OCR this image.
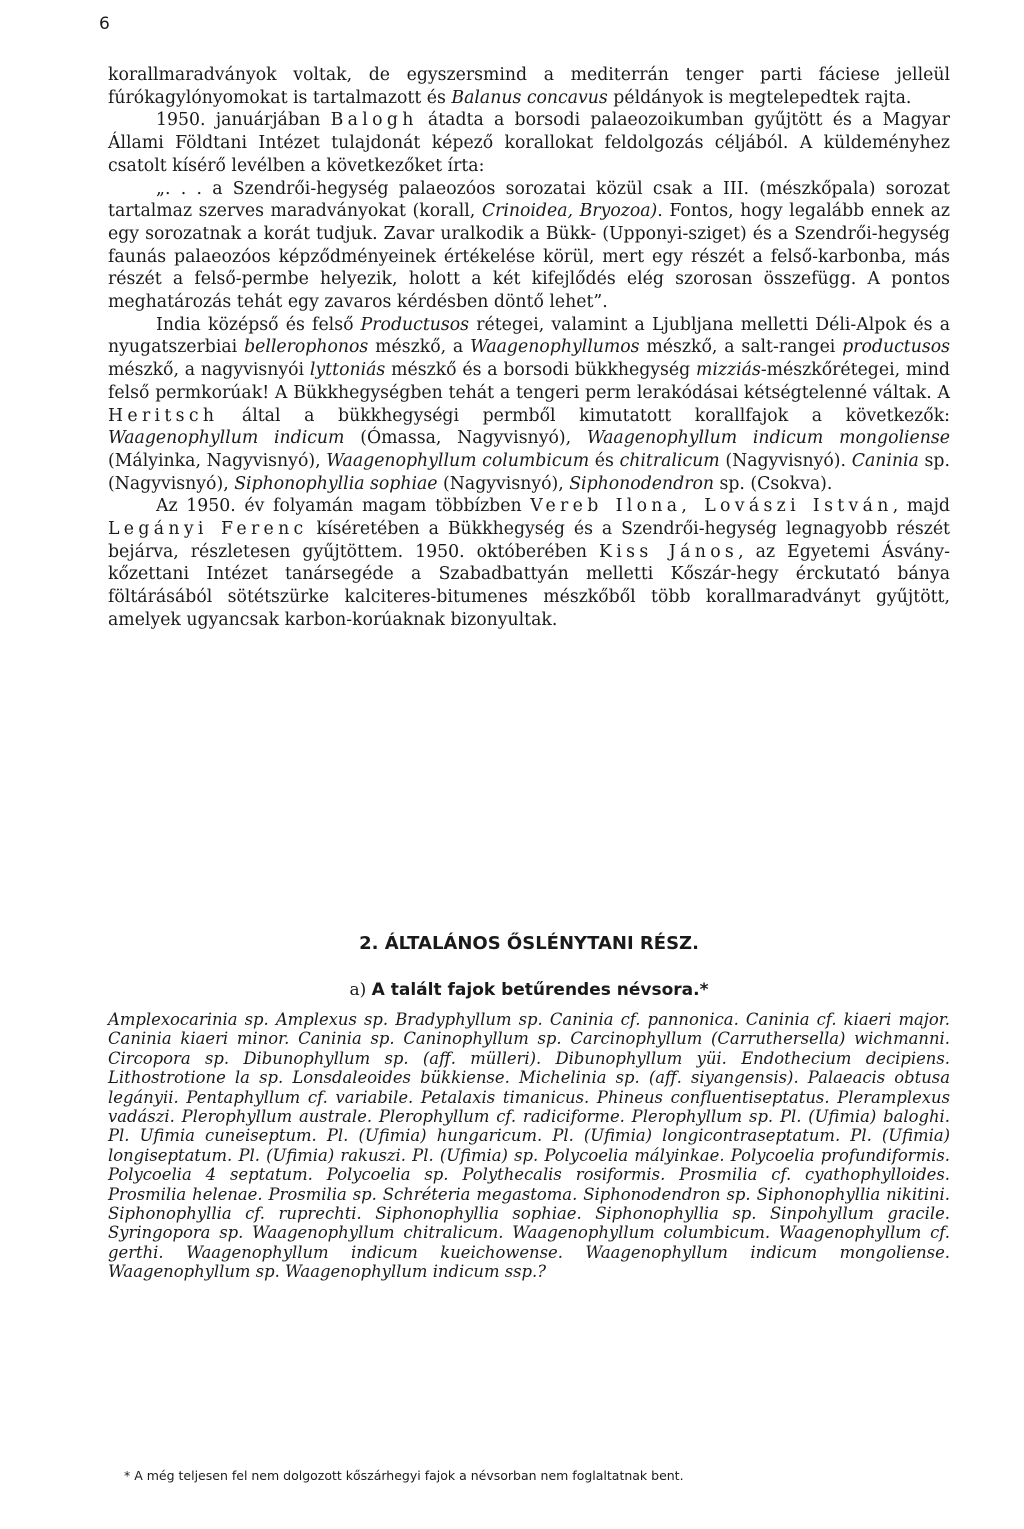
6

korallmaradványok voltak, de egyszersmind a mediterrán tenger parti fáciese jelleül fúrókagylónyomokat is tartalmazott és Balanus concavus példányok is megtelepedtek rajta.

1950. januárjában Balogh átadta a borsodi palaeozoikumban gyűjtött és a Magyar Állami Földtani Intézet tulajdonát képező korallokat feldolgozás céljából. A küldeményhez csatolt kísérő levélben a következőket írta:

„. . . a Szendrői-hegység palaeozóos sorozatai közül csak a III. (mészkőpala) sorozat tartalmaz szerves maradványokat (korall, Crinoidea, Bryozoa). Fontos, hogy legalább ennek az egy sorozatnak a korát tudjuk. Zavar uralkodik a Bükk- (Upponyi-sziget) és a Szendrői-hegység faunás palaeozóos képződményeinek értékelése körül, mert egy részét a felső-karbonba, más részét a felső-permbe helyezik, holott a két kifejlődés elég szorosan összefügg. A pontos meghatározás tehát egy zavaros kérdésben döntő lehet”.

India középső és felső Productusos rétegei, valamint a Ljubljana melletti Déli-Alpok és a nyugatszerbiai bellerophonos mészkő, a Waagenophyllumos mészkő, a salt-rangei productusos mészkő, a nagyvisnyói lyttoniás mészkő és a borsodi bükkhegység mizziás-mészkőrétegei, mind felső permkorúak! A Bükkhegységben tehát a tengeri perm lerakódásai kétségtelenné váltak. A Heritsch által a bükkhegységi permből kimutatott korallfajok a következők: Waagenophyllum indicum (Ómassa, Nagyvisnyó), Waagenophyllum indicum mongoliense (Mályinka, Nagyvisnyó), Waagenophyllum columbicum és chitralicum (Nagyvisnyó). Caninia sp. (Nagyvisnyó), Siphonophyllia sophiae (Nagyvisnyó), Siphonodendron sp. (Csokva).

Az 1950. év folyamán magam többízben Vereb Ilona, Lovászi István, majd Legányi Ferenc kíséretében a Bükkhegység és a Szendrői-hegység legnagyobb részét bejárva, részletesen gyűjtöttem. 1950. októberében Kiss János, az Egyetemi Ásvány-kőzettani Intézet tanársegéde a Szabadbattyán melletti Kőszár-hegy érckutató bánya föltárásából sötétszürke kalciteres-bitumenes mészkőből több korallmaradványt gyűjtött, amelyek ugyancsak karbon-korúaknak bizonyultak.

2. ÁLTALÁNOS ŐSLÉNYTANI RÉSZ.
a) A talált fajok betűrendes névsora.*

Amplexocarinia sp. Amplexus sp. Bradyphyllum sp. Caninia cf. pannonica. Caninia cf. kiaeri major. Caninia kiaeri minor. Caninia sp. Caninophyllum sp. Carcinophyllum (Carruthersella) wichmanni. Circopora sp. Dibunophyllum sp. (aff. mülleri). Dibunophyllum yüi. Endothecium decipiens. Lithostrotione la sp. Lonsdaleoides bükkiense. Michelinia sp. (aff. siyangensis). Palaeacis obtusa legányii. Pentaphyllum cf. variabile. Petalaxis timanicus. Phineus confluentiseptatus. Pleramplexus vadászi. Plerophyllum australe. Plerophyllum cf. radiciforme. Plerophyllum sp. Pl. (Ufimia) baloghi. Pl. Ufimia cuneiseptum. Pl. (Ufimia) hungaricum. Pl. (Ufimia) longicontraseptatum. Pl. (Ufimia) longiseptatum. Pl. (Ufimia) rakuszi. Pl. (Ufimia) sp. Polycoelia mályinkae. Polycoelia profundiformis. Polycoelia 4 septatum. Polycoelia sp. Polythecalis rosiformis. Prosmilia cf. cyathophylloides. Prosmilia helenae. Prosmilia sp. Schréteria megastoma. Siphonodendron sp. Siphonophyllia nikitini. Siphonophyllia cf. ruprechti. Siphonophyllia sophiae. Siphonophyllia sp. Sinpohyllum gracile. Syringopora sp. Waagenophyllum chitralicum. Waagenophyllum columbicum. Waagenophyllum cf. gerthi. Waagenophyllum indicum kueichowense. Waagenophyllum indicum mongoliense. Waagenophyllum sp. Waagenophyllum indicum ssp.?

* A még teljesen fel nem dolgozott kőszárhegyi fajok a névsorban nem foglaltatnak bent.
